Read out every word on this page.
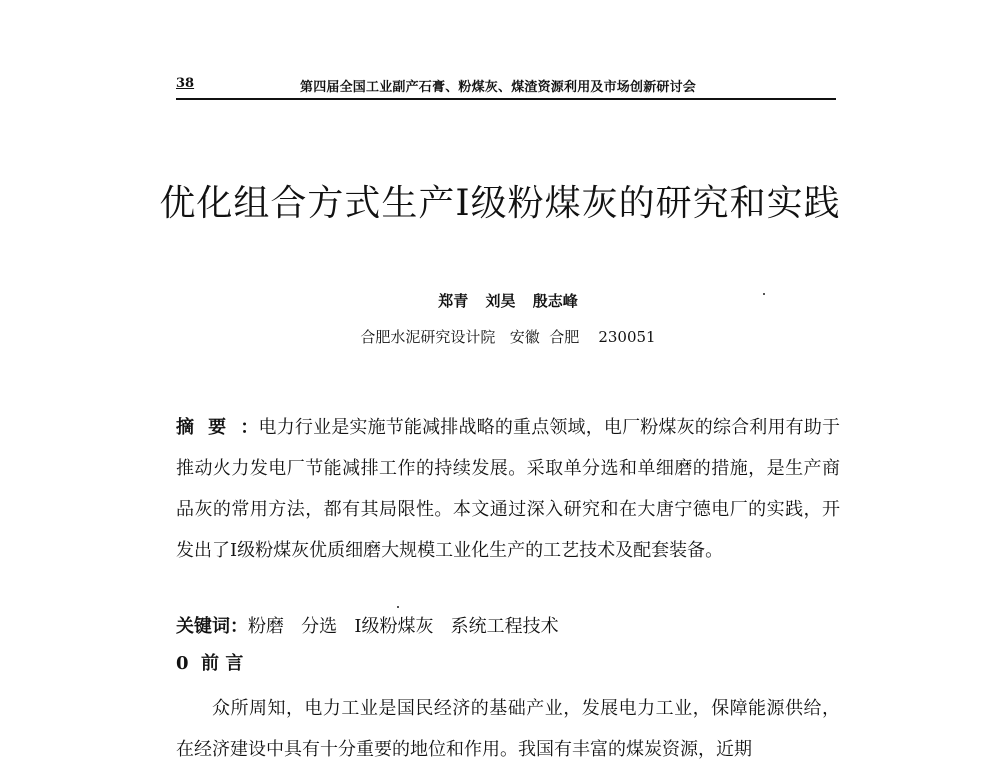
38	第四届全国工业副产石膏、粉煤灰、煤渣资源利用及市场创新研讨会
优化组合方式生产Ⅰ级粉煤灰的研究和实践
郑青 刘昊 殷志峰
合肥水泥研究设计院   安徽  合肥    230051
摘要：电力行业是实施节能减排战略的重点领域，电厂粉煤灰的综合利用有助于推动火力发电厂节能减排工作的持续发展。采取单分选和单细磨的措施，是生产商品灰的常用方法，都有其局限性。本文通过深入研究和在大唐宁德电厂的实践，开发出了Ⅰ级粉煤灰优质细磨大规模工业化生产的工艺技术及配套装备。
关键词：粉磨   分选   Ⅰ级粉煤灰   系统工程技术
0  前 言
众所周知，电力工业是国民经济的基础产业，发展电力工业，保障能源供给，在经济建设中具有十分重要的地位和作用。我国有丰富的煤炭资源，近期
